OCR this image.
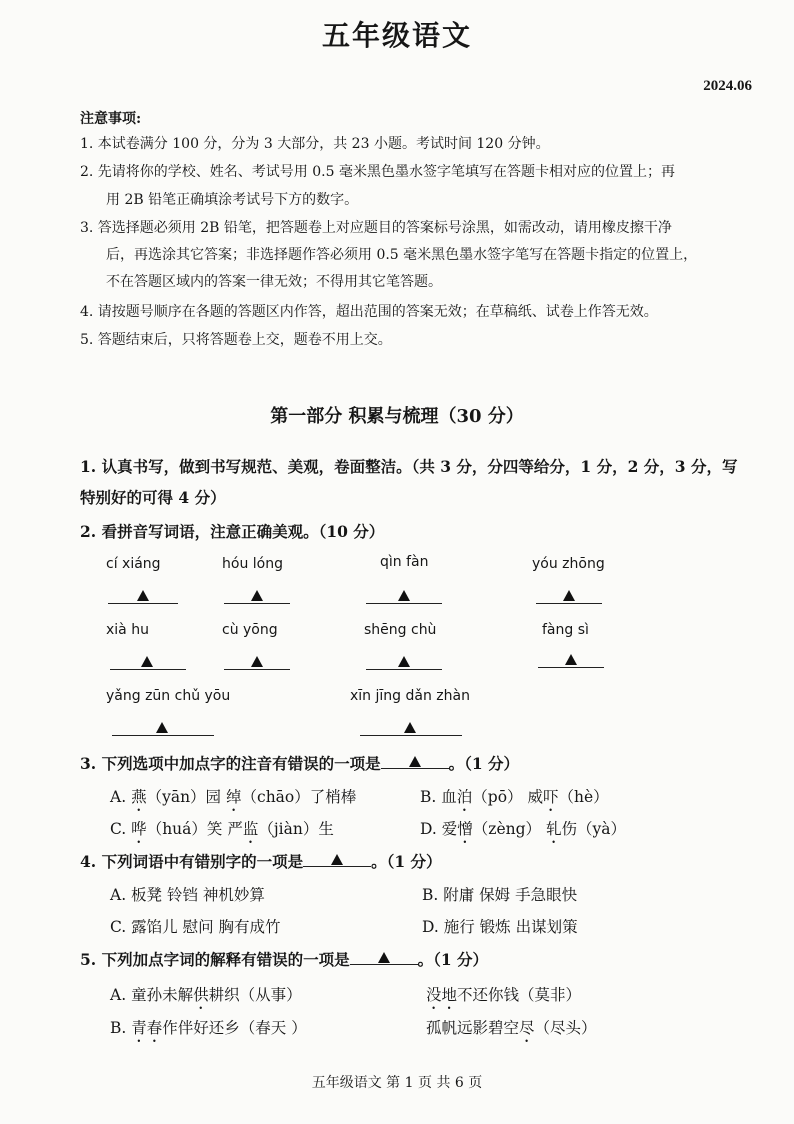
五年级语文
2024.06
注意事项:
1. 本试卷满分 100 分，分为 3 大部分，共 23 小题。考试时间 120 分钟。
2. 先请将你的学校、姓名、考试号用 0.5 毫米黑色墨水签字笔填写在答题卡相对应的位置上；再
用 2B 铅笔正确填涂考试号下方的数字。
3. 答选择题必须用 2B 铅笔，把答题卷上对应题目的答案标号涂黑，如需改动，请用橡皮擦干净
后，再选涂其它答案；非选择题作答必须用 0.5 毫米黑色墨水签字笔写在答题卡指定的位置上，
不在答题区域内的答案一律无效；不得用其它笔答题。
4. 请按题号顺序在各题的答题区内作答，超出范围的答案无效；在草稿纸、试卷上作答无效。
5. 答题结束后，只将答题卷上交，题卷不用上交。
第一部分 积累与梳理（30 分）
1. 认真书写，做到书写规范、美观，卷面整洁。（共 3 分，分四等给分，1 分，2 分，3 分，写
特别好的可得 4 分）
2. 看拼音写词语，注意正确美观。（10 分）
cí xiáng	hóu lóng	qìn fàn	yóu zhōng
xià hu	cù yōng	shēng chù	fàng sì
yǎng zūn chǔ yōu	xīn jīng dǎn zhàn
3. 下列选项中加点字的注音有错误的一项是	。（1 分）
A. 燕（yān）园 绰（chāo）了梢棒	B. 血泊（pō） 威吓（hè）
C. 哗（huá）笑 严监（jiàn）生	D. 爱憎（zèng） 轧伤（yà）
4. 下列词语中有错别字的一项是	。（1 分）
A. 板凳 铃铛 神机妙算	B. 附庸 保姆 手急眼快
C. 露馅儿 慰问 胸有成竹	D. 施行 锻炼 出谋划策
5. 下列加点字词的解释有错误的一项是	。（1 分）
A. 童孙未解供耕织（从事）	没地不还你钱（莫非）
B. 青春作伴好还乡（春天 ）	孤帆远影碧空尽（尽头）
五年级语文 第 1 页 共 6 页
